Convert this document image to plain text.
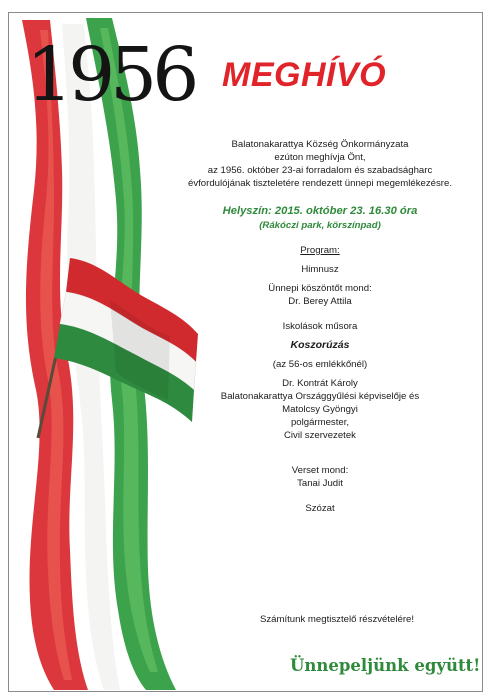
1956 MEGHÍVÓ

Balatonakarattya Község Önkormányzata

ezúton meghívja Önt,

az 1956. október 23-ai forradalom és szabadságharc

évfordulójának tiszteletére rendezett ünnepi megemlékezésre.

Helyszín: 2015. október 23. 16.30 óra

(Rákóczi park, körszínpad)

Program:

Himnusz

Ünnepi köszöntőt mond:

Dr. Berey Attila

Iskolások műsora

Koszorúzás

(az 56-os emlékkőnél)

Dr. Kontrát Károly

Balatonakarattya Országgyűlési képviselője és

Matolcsy Gyöngyi

polgármester,

Civil szervezetek

Verset mond:

Tanai Judit

Szózat

Számítunk megtisztelő részvételére!
Ünnepeljünk együtt!
